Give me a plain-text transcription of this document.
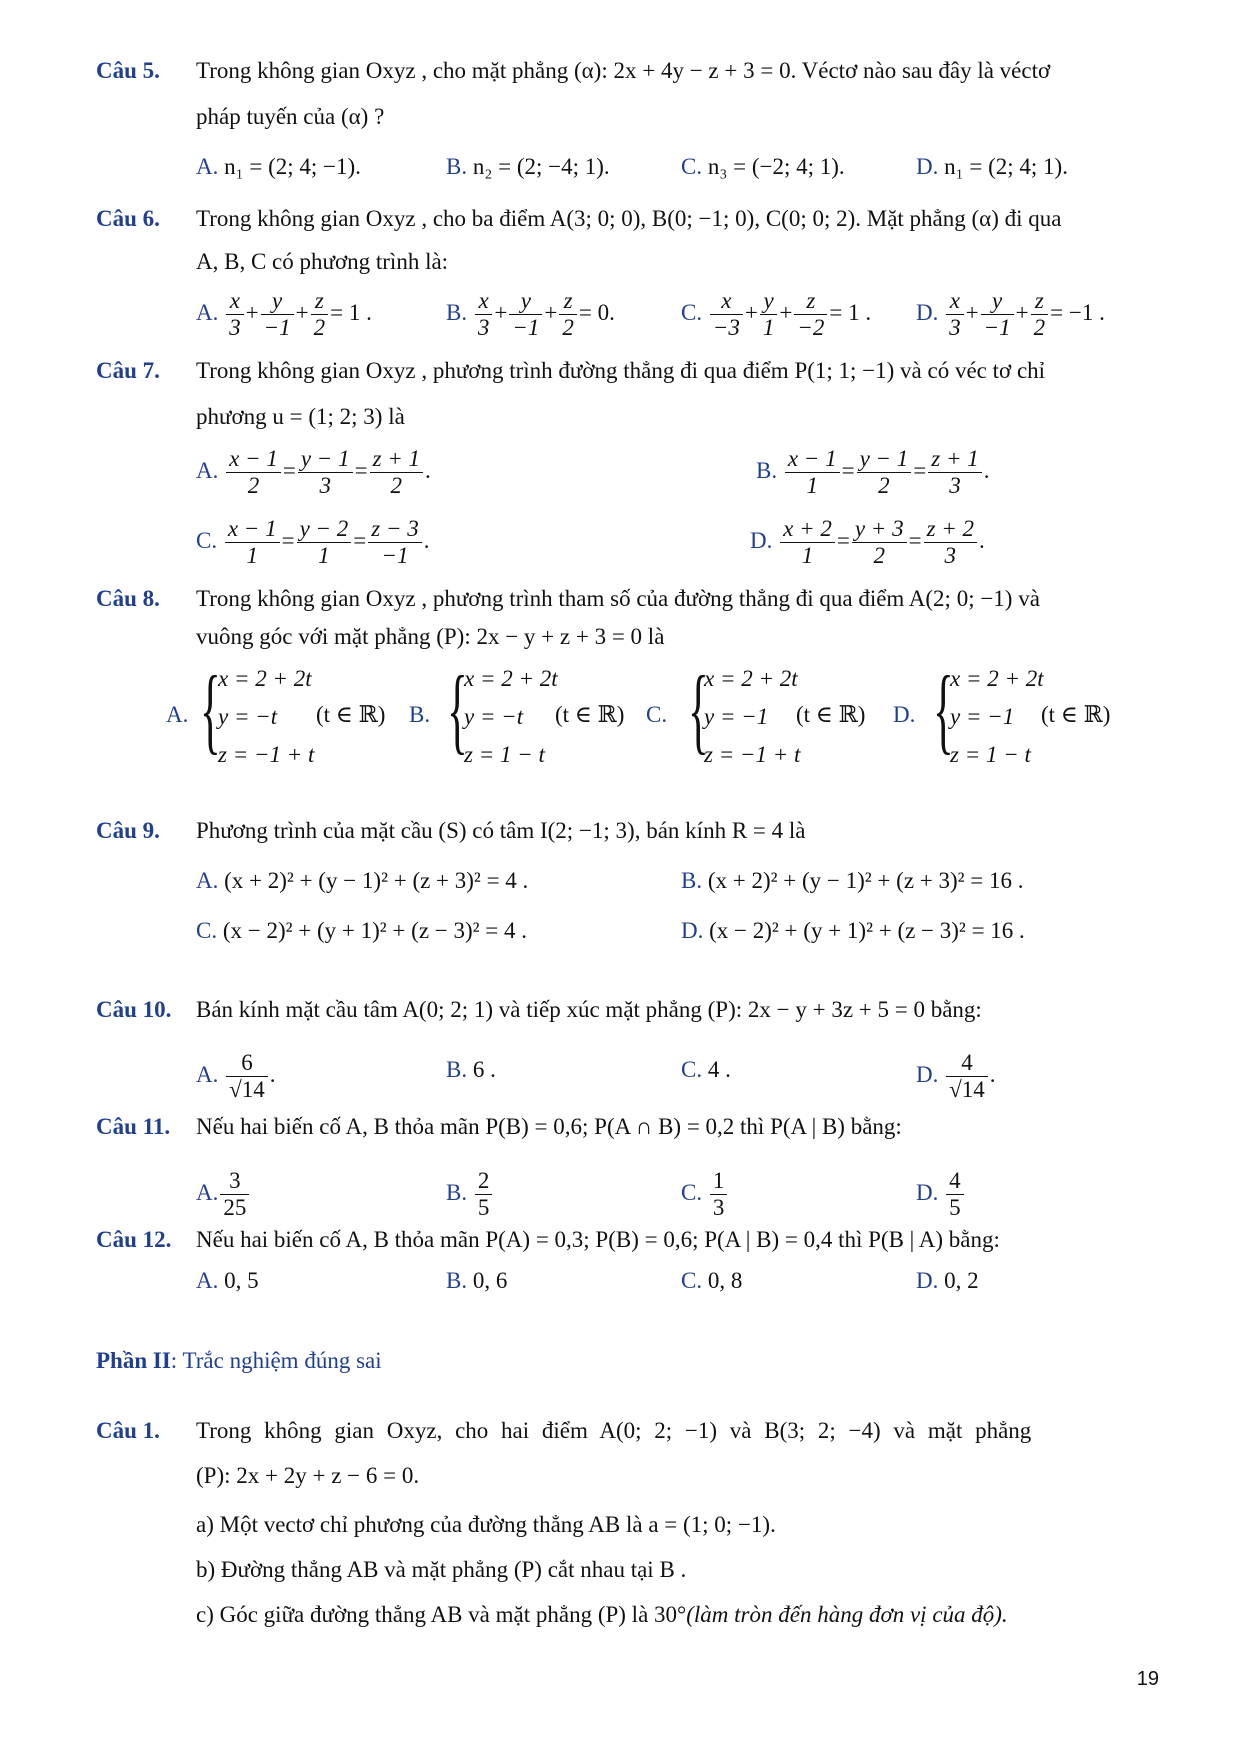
Câu 5. Trong không gian Oxyz , cho mặt phẳng (α): 2x + 4y − z + 3 = 0. Véctơ nào sau đây là véctơ
pháp tuyến của (α) ?
A. n₁ = (2; 4; −1).	B. n₂ = (2; −4; 1).	C. n₃ = (−2; 4; 1).	D. n₁ = (2; 4; 1).
Câu 6. Trong không gian Oxyz , cho ba điểm A(3; 0; 0), B(0; −1; 0), C(0; 0; 2). Mặt phẳng (α) đi qua
A, B, C có phương trình là:
A. $\frac{x}{3} + \frac{y}{-1} + \frac{z}{2} = 1$ .	B. $\frac{x}{3} + \frac{y}{-1} + \frac{z}{2} = 0$.	C. $\frac{x}{-3} + \frac{y}{1} + \frac{z}{-2} = 1$ . D. $\frac{x}{3} + \frac{y}{-1} + \frac{z}{2} = -1$ .
Câu 7. Trong không gian Oxyz , phương trình đường thẳng đi qua điểm P(1; 1; −1) và có véc tơ chỉ
phương u = (1; 2; 3) là
A. $\frac{x - 1}{2} = \frac{y - 1}{3} = \frac{z + 1}{2}$ .	B. $\frac{x - 1}{1} = \frac{y - 1}{2} = \frac{z + 1}{3}$ .
C. $\frac{x - 1}{1} = \frac{y - 2}{1} = \frac{z - 3}{-1}$ .	D. $\frac{x + 2}{1} = \frac{y + 3}{2} = \frac{z + 2}{3}$ .
Câu 8. Trong không gian Oxyz , phương trình tham số của đường thẳng đi qua điểm A(2; 0; −1) và
vuông góc với mặt phẳng (P): 2x − y + z + 3 = 0 là
A. {
x = 2 + 2t
y = −t
z = −1 + t
(t ∈ ℝ) B. {
x = 2 + 2t
y = −t
z = 1 − t
(t ∈ ℝ) C. {
x = 2 + 2t
y = −1
z = −1 + t
(t ∈ ℝ) D. {
x = 2 + 2t
y = −1
z = 1 − t
(t ∈ ℝ)
Câu 9. Phương trình của mặt cầu (S) có tâm I(2; −1; 3), bán kính R = 4 là
A. (x + 2)² + (y − 1)² + (z + 3)² = 4 .	B. (x + 2)² + (y − 1)² + (z + 3)² = 16 .
C. (x − 2)² + (y + 1)² + (z − 3)² = 4 .	D. (x − 2)² + (y + 1)² + (z − 3)² = 16 .
Câu 10. Bán kính mặt cầu tâm A(0; 2; 1) và tiếp xúc mặt phẳng (P): 2x − y + 3z + 5 = 0 bằng:
A. $\frac{6}{√14}$ .	B. 6 .	C. 4 .	D. $\frac{4}{√14}$ .
Câu 11. Nếu hai biến cố A, B thỏa mãn P(B) = 0,6; P(A ∩ B) = 0,2 thì P(A | B) bằng:
A. $\frac{3}{25}$	B. $\frac{2}{5}$	C. $\frac{1}{3}$	D. $\frac{4}{5}$
Câu 12. Nếu hai biến cố A, B thỏa mãn P(A) = 0,3; P(B) = 0,6; P(A | B) = 0,4 thì P(B | A) bằng:
A. 0, 5	B. 0, 6	C. 0, 8	D. 0, 2
Phần II: Trắc nghiệm đúng sai
Câu 1. Trong không gian Oxyz, cho hai điểm A(0; 2; −1) và B(3; 2; −4) và mặt phẳng
(P): 2x + 2y + z − 6 = 0.
a) Một vectơ chỉ phương của đường thẳng AB là a = (1; 0; −1).
b) Đường thẳng AB và mặt phẳng (P) cắt nhau tại B .
c) Góc giữa đường thẳng AB và mặt phẳng (P) là 30°(làm tròn đến hàng đơn vị của độ).
19
